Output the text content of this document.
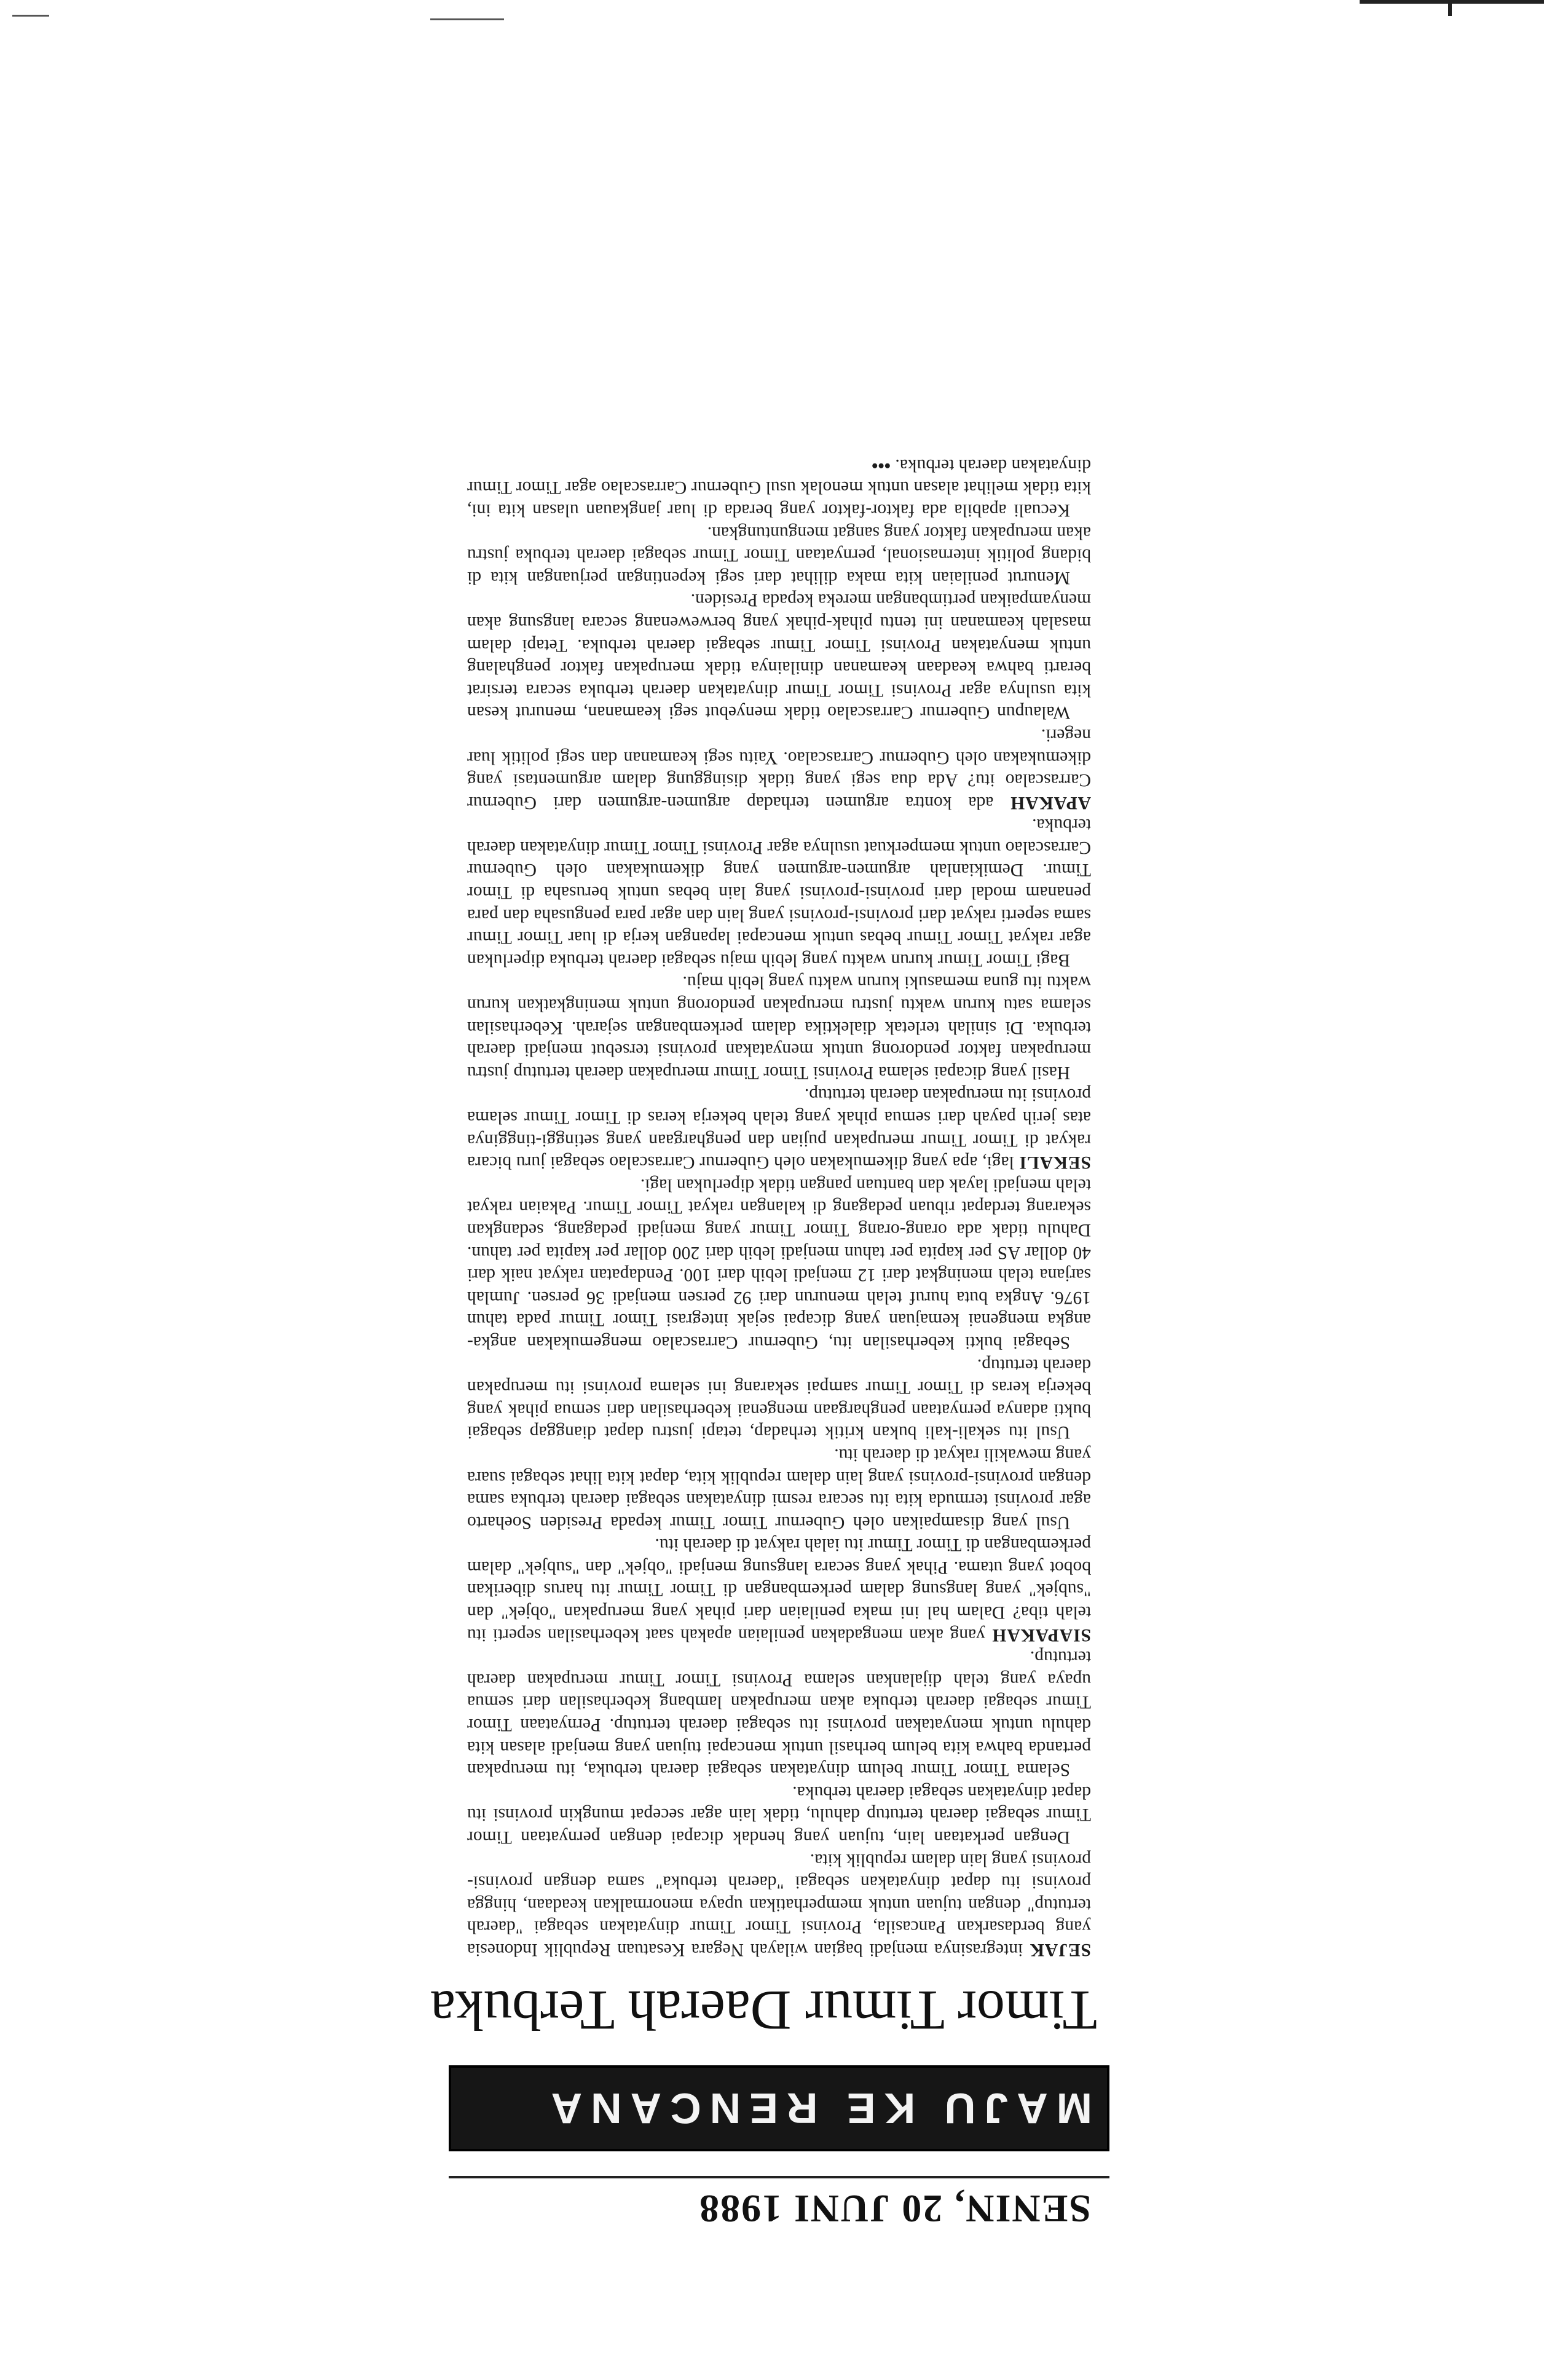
SENIN, 20 JUNI 1988
MAJU KE RENCANA
Timor Timur Daerah Terbuka

SEJAK integrasinya menjadi bagian wilayah Negara Kesatuan Republik Indonesia yang berdasarkan Pancasila, Provinsi Timor Timur dinyatakan sebagai "daerah tertutup" dengan tujuan untuk memperhatikan upaya menormalkan keadaan, hingga provinsi itu dapat dinyatakan sebagai "daerah terbuka" sama dengan provinsi-provinsi yang lain dalam republik kita.

Dengan perkataan lain, tujuan yang hendak dicapai dengan pernyataan Timor Timur sebagai daerah tertutup dahulu, tidak lain agar secepat mungkin provinsi itu dapat dinyatakan sebagai daerah terbuka.

Selama Timor Timur belum dinyatakan sebagai daerah terbuka, itu merupakan pertanda bahwa kita belum berhasil untuk mencapai tujuan yang menjadi alasan kita dahulu untuk menyatakan provinsi itu sebagai daerah tertutup. Pernyataan Timor Timur sebagai daerah terbuka akan merupakan lambang keberhasilan dari semua upaya yang telah dijalankan selama Provinsi Timor Timur merupakan daerah tertutup.

SIAPAKAH yang akan mengadakan penilaian apakah saat keberhasilan seperti itu telah tiba? Dalam hal ini maka penilaian dari pihak yang merupakan "objek" dan "subjek" yang langsung dalam perkembangan di Timor Timur itu harus diberikan bobot yang utama. Pihak yang secara langsung menjadi "objek" dan "subjek" dalam perkembangan di Timor Timur itu ialah rakyat di daerah itu.

Usul yang disampaikan oleh Gubernur Timor Timur kepada Presiden Soeharto agar provinsi termuda kita itu secara resmi dinyatakan sebagai daerah terbuka sama dengan provinsi-provinsi yang lain dalam republik kita, dapat kita lihat sebagai suara yang mewakili rakyat di daerah itu.

Usul itu sekali-kali bukan kritik terhadap, tetapi justru dapat dianggap sebagai bukti adanya pernyataan penghargaan mengenai keberhasilan dari semua pihak yang bekerja keras di Timor Timur sampai sekarang ini selama provinsi itu merupakan daerah tertutup.

Sebagai bukti keberhasilan itu, Gubernur Carrascalao mengemukakan angka-angka mengenai kemajuan yang dicapai sejak integrasi Timor Timur pada tahun 1976. Angka buta huruf telah menurun dari 92 persen menjadi 36 persen. Jumlah sarjana telah meningkat dari 12 menjadi lebih dari 100. Pendapatan rakyat naik dari 40 dollar AS per kapita per tahun menjadi lebih dari 200 dollar per kapita per tahun. Dahulu tidak ada orang-orang Timor Timur yang menjadi pedagang, sedangkan sekarang terdapat ribuan pedagang di kalangan rakyat Timor Timur. Pakaian rakyat telah menjadi layak dan bantuan pangan tidak diperlukan lagi.

SEKALI lagi, apa yang dikemukakan oleh Gubernur Carrascalao sebagai juru bicara rakyat di Timor Timur merupakan pujian dan penghargaan yang setinggi-tingginya atas jerih payah dari semua pihak yang telah bekerja keras di Timor Timur selama provinsi itu merupakan daerah tertutup.

Hasil yang dicapai selama Provinsi Timor Timur merupakan daerah tertutup justru merupakan faktor pendorong untuk menyatakan provinsi tersebut menjadi daerah terbuka. Di sinilah terletak dialektika dalam perkembangan sejarah. Keberhasilan selama satu kurun waktu justru merupakan pendorong untuk meningkatkan kurun waktu itu guna memasuki kurun waktu yang lebih maju.

Bagi Timor Timur kurun waktu yang lebih maju sebagai daerah terbuka diperlukan agar rakyat Timor Timur bebas untuk mencapai lapangan kerja di luar Timor Timur sama seperti rakyat dari provinsi-provinsi yang lain dan agar para pengusaha dan para penanam modal dari provinsi-provinsi yang lain bebas untuk berusaha di Timor Timur. Demikianlah argumen-argumen yang dikemukakan oleh Gubernur Carrascalao untuk memperkuat usulnya agar Provinsi Timor Timur dinyatakan daerah terbuka.

APAKAH ada kontra argumen terhadap argumen-argumen dari Gubernur Carrascalao itu? Ada dua segi yang tidak disinggung dalam argumentasi yang dikemukakan oleh Gubernur Carrascalao. Yaitu segi keamanan dan segi politik luar negeri.

Walaupun Gubernur Carrascalao tidak menyebut segi keamanan, menurut kesan kita usulnya agar Provinsi Timor Timur dinyatakan daerah terbuka secara tersirat berarti bahwa keadaan keamanan dinilainya tidak merupakan faktor penghalang untuk menyatakan Provinsi Timor Timur sebagai daerah terbuka. Tetapi dalam masalah keamanan ini tentu pihak-pihak yang berwewenang secara langsung akan menyampaikan pertimbangan mereka kepada Presiden.

Menurut penilaian kita maka dilihat dari segi kepentingan perjuangan kita di bidang politik internasional, pernyataan Timor Timur sebagai daerah terbuka justru akan merupakan faktor yang sangat menguntungkan.

Kecuali apabila ada faktor-faktor yang berada di luar jangkauan ulasan kita ini, kita tidak melihat alasan untuk menolak usul Gubernur Carrascalao agar Timor Timur dinyatakan daerah terbuka. •••
